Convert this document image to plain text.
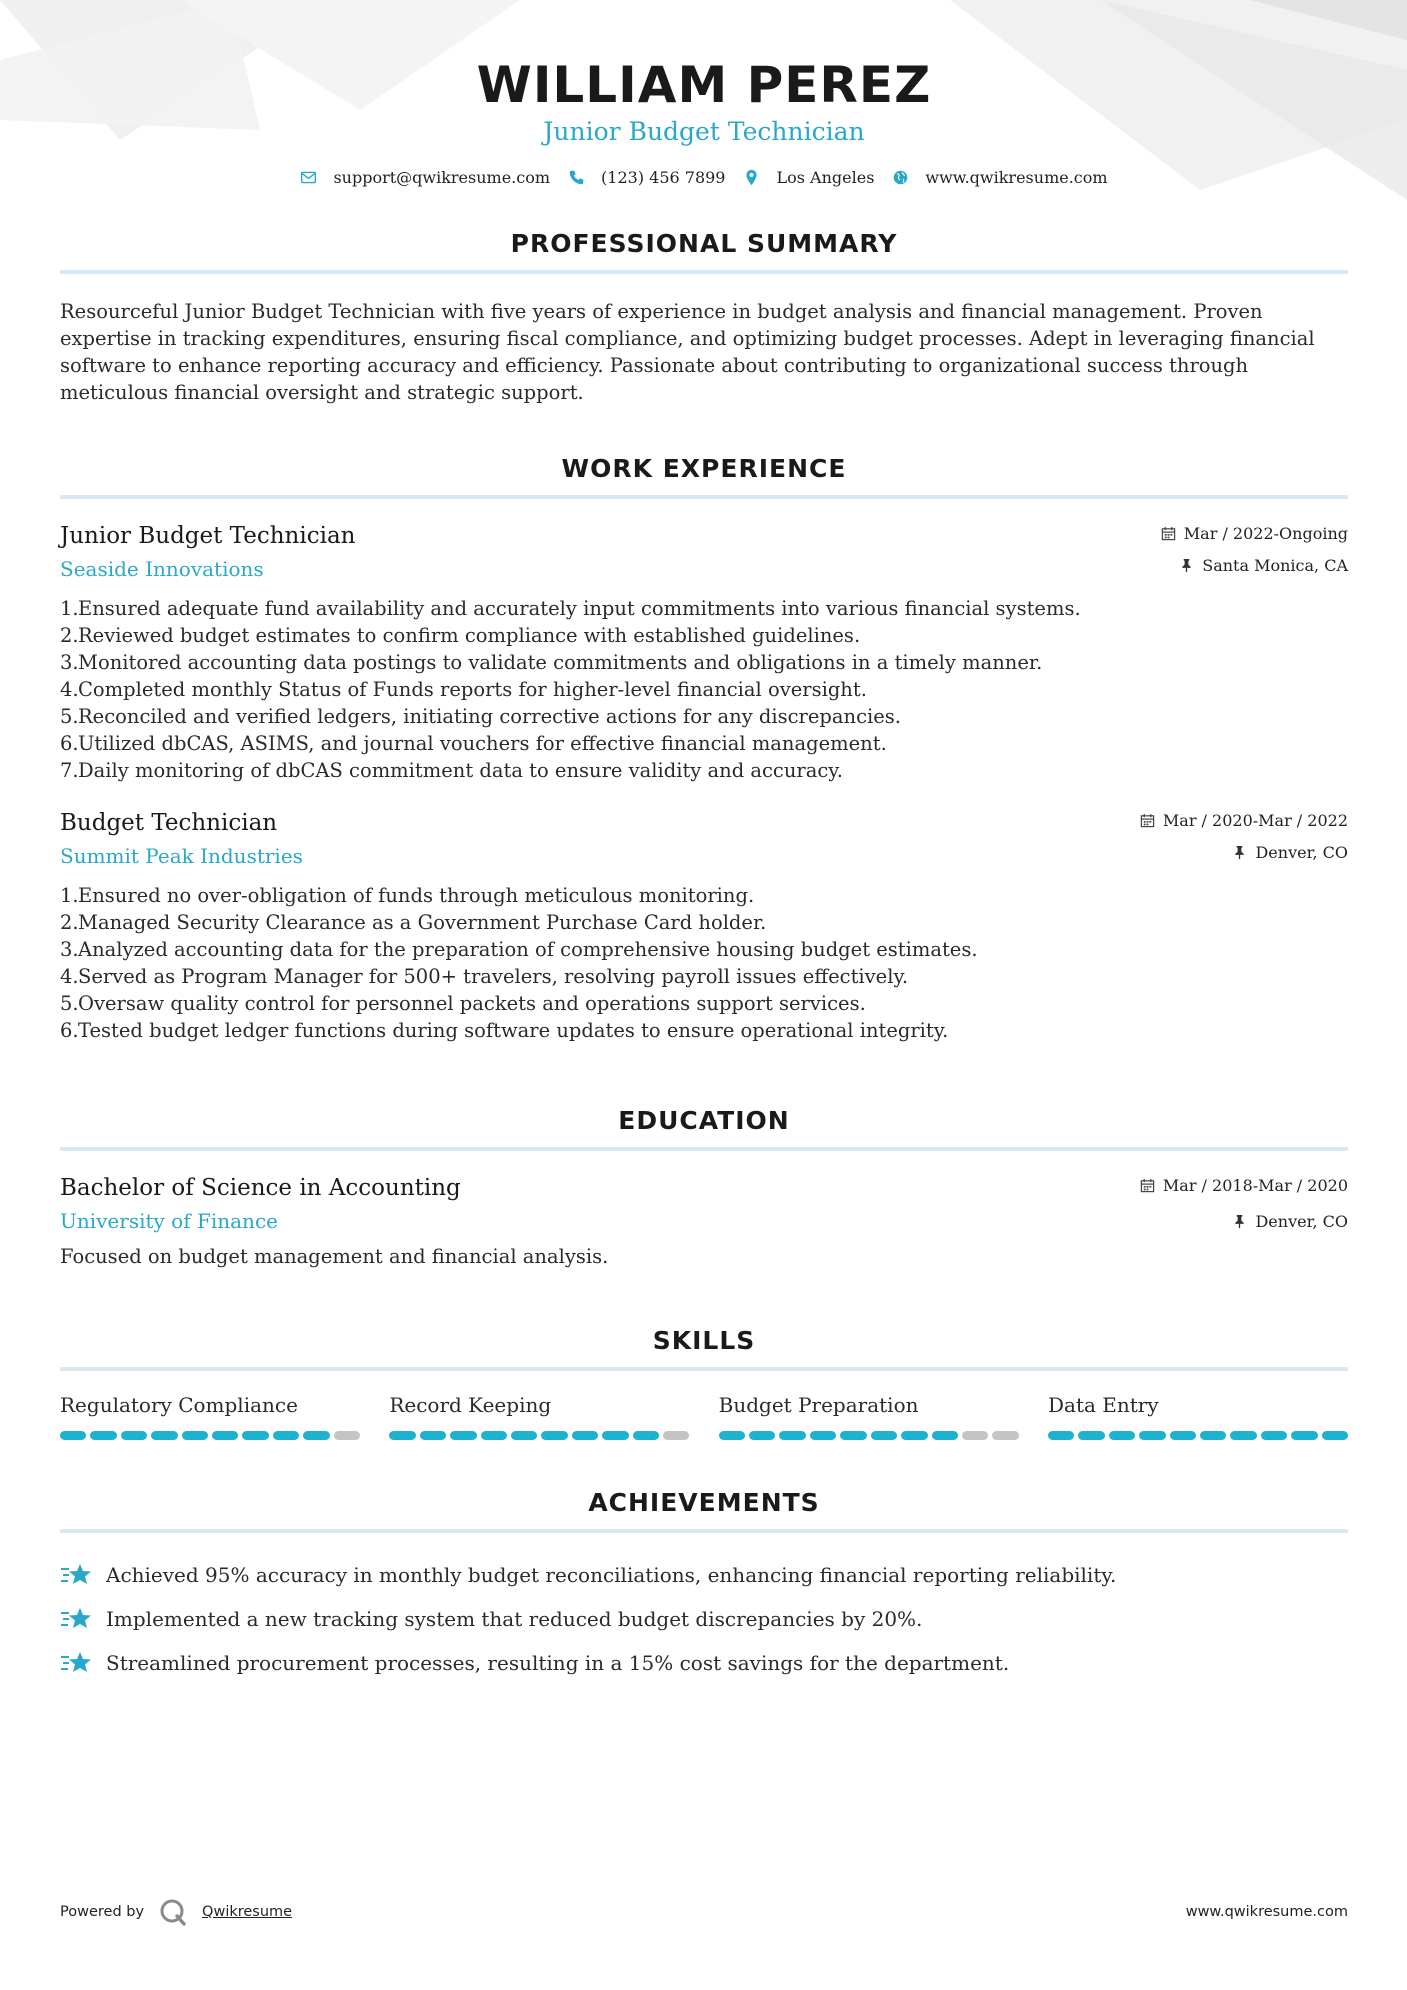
WILLIAM PEREZ
Junior Budget Technician
support@qwikresume.com	(123) 456 7899	Los Angeles	www.qwikresume.com
PROFESSIONAL SUMMARY

Resourceful Junior Budget Technician with five years of experience in budget analysis and financial management. Proven expertise in tracking expenditures, ensuring fiscal compliance, and optimizing budget processes. Adept in leveraging financial software to enhance reporting accuracy and efficiency. Passionate about contributing to organizational success through meticulous financial oversight and strategic support.

WORK EXPERIENCE
Junior Budget Technician
Seaside Innovations
Mar / 2022-Ongoing
Santa Monica, CA
1. Ensured adequate fund availability and accurately input commitments into various financial systems.
2. Reviewed budget estimates to confirm compliance with established guidelines.
3. Monitored accounting data postings to validate commitments and obligations in a timely manner.
4. Completed monthly Status of Funds reports for higher-level financial oversight.
5. Reconciled and verified ledgers, initiating corrective actions for any discrepancies.
6. Utilized dbCAS, ASIMS, and journal vouchers for effective financial management.
7. Daily monitoring of dbCAS commitment data to ensure validity and accuracy.
Budget Technician
Summit Peak Industries
Mar / 2020-Mar / 2022
Denver, CO
1. Ensured no over-obligation of funds through meticulous monitoring.
2. Managed Security Clearance as a Government Purchase Card holder.
3. Analyzed accounting data for the preparation of comprehensive housing budget estimates.
4. Served as Program Manager for 500+ travelers, resolving payroll issues effectively.
5. Oversaw quality control for personnel packets and operations support services.
6. Tested budget ledger functions during software updates to ensure operational integrity.
EDUCATION
Bachelor of Science in Accounting
University of Finance
Mar / 2018-Mar / 2020
Denver, CO

Focused on budget management and financial analysis.

SKILLS
Regulatory Compliance	Record Keeping	Budget Preparation	Data Entry
ACHIEVEMENTS
Achieved 95% accuracy in monthly budget reconciliations, enhancing financial reporting reliability.
Implemented a new tracking system that reduced budget discrepancies by 20%.
Streamlined procurement processes, resulting in a 15% cost savings for the department.
Powered by	Qwikresume	www.qwikresume.com
